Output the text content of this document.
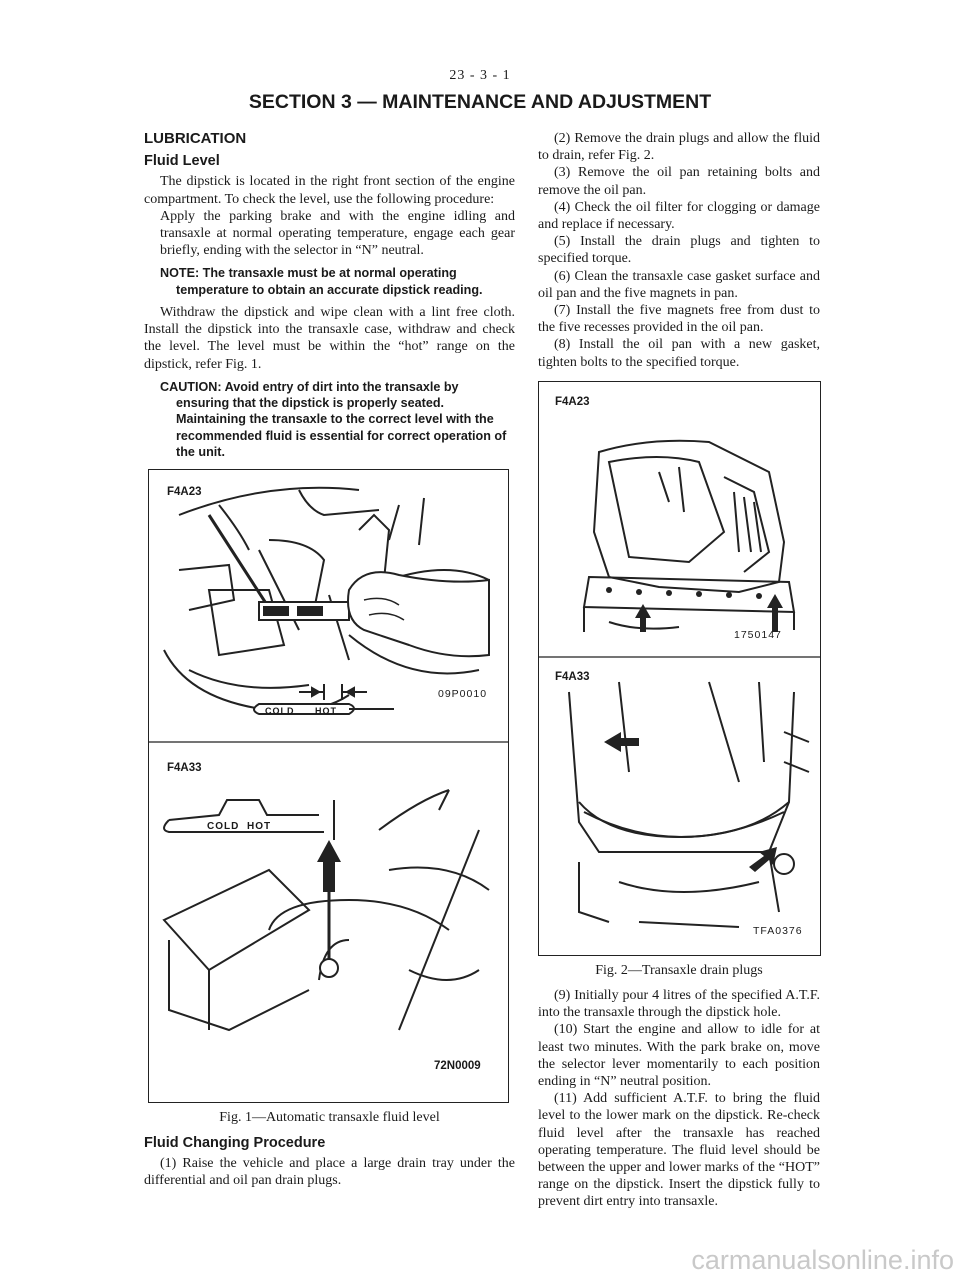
23 - 3 - 1
SECTION 3 — MAINTENANCE AND ADJUSTMENT
LUBRICATION
Fluid Level

The dipstick is located in the right front section of the engine compartment. To check the level, use the following procedure:

Apply the parking brake and with the engine idling and transaxle at normal operating temperature, engage each gear briefly, ending with the selector in “N” neutral.

NOTE: The transaxle must be at normal operating temperature to obtain an accurate dipstick reading.

Withdraw the dipstick and wipe clean with a lint free cloth. Install the dipstick into the transaxle case, withdraw and check the level. The level must be within the “hot” range on the dipstick, refer Fig. 1.

CAUTION: Avoid entry of dirt into the transaxle by ensuring that the dipstick is properly seated. Maintaining the transaxle to the correct level with the recommended fluid is essential for correct operation of the unit.
F4A23
09P0010
COLD HOT
F4A33
COLD HOT
72N0009
Fig. 1—Automatic transaxle fluid level
Fluid Changing Procedure

(1) Raise the vehicle and place a large drain tray under the differential and oil pan drain plugs.

(2) Remove the drain plugs and allow the fluid to drain, refer Fig. 2.

(3) Remove the oil pan retaining bolts and remove the oil pan.

(4) Check the oil filter for clogging or damage and replace if necessary.

(5) Install the drain plugs and tighten to specified torque.

(6) Clean the transaxle case gasket surface and oil pan and the five magnets in pan.

(7) Install the five magnets free from dust to the five recesses provided in the oil pan.

(8) Install the oil pan with a new gasket, tighten bolts to the specified torque.

F4A23
1750147
F4A33
TFA0376
Fig. 2—Transaxle drain plugs

(9) Initially pour 4 litres of the specified A.T.F. into the transaxle through the dipstick hole.

(10) Start the engine and allow to idle for at least two minutes. With the park brake on, move the selector lever momentarily to each position ending in “N” neutral position.

(11) Add sufficient A.T.F. to bring the fluid level to the lower mark on the dipstick. Re-check fluid level after the transaxle has reached operating temperature. The fluid level should be between the upper and lower marks of the “HOT” range on the dipstick. Insert the dipstick fully to prevent dirt entry into transaxle.

carmanualsonline.info
